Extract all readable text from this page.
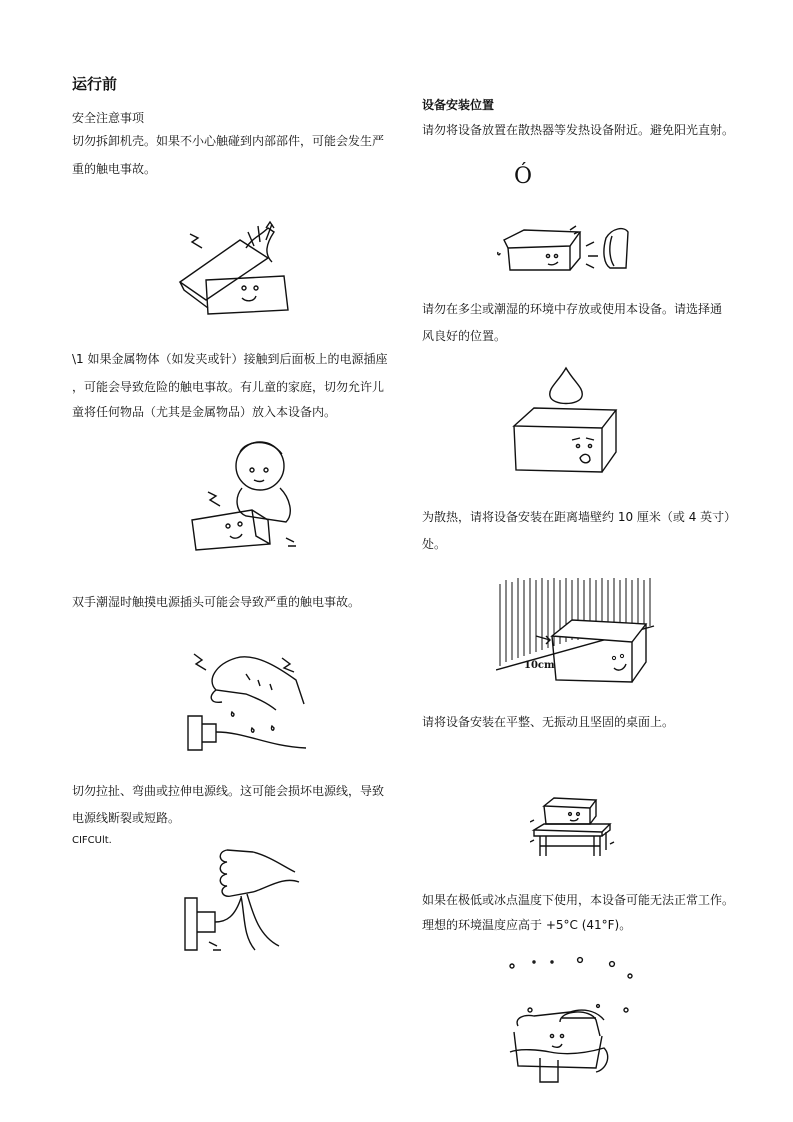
运行前
安全注意事项
切勿拆卸机壳。如果不小心触碰到内部部件，可能会发生严
重的触电事故。
\1 如果金属物体（如发夹或针）接触到后面板上的电源插座
，可能会导致危险的触电事故。有儿童的家庭，切勿允许儿
童将任何物品（尤其是金属物品）放入本设备内。
双手潮湿时触摸电源插头可能会导致严重的触电事故。
切勿拉扯、弯曲或拉伸电源线。这可能会损坏电源线，导致
电源线断裂或短路。
CIFCUlt.
设备安装位置
请勿将设备放置在散热器等发热设备附近。避免阳光直射。
Ó
请勿在多尘或潮湿的环境中存放或使用本设备。请选择通
风良好的位置。
为散热，请将设备安装在距离墙壁约 10 厘米（或 4 英寸）
处。
10cm
请将设备安装在平整、无振动且坚固的桌面上。
如果在极低或冰点温度下使用，本设备可能无法正常工作。
理想的环境温度应高于 +5°C (41°F)。
